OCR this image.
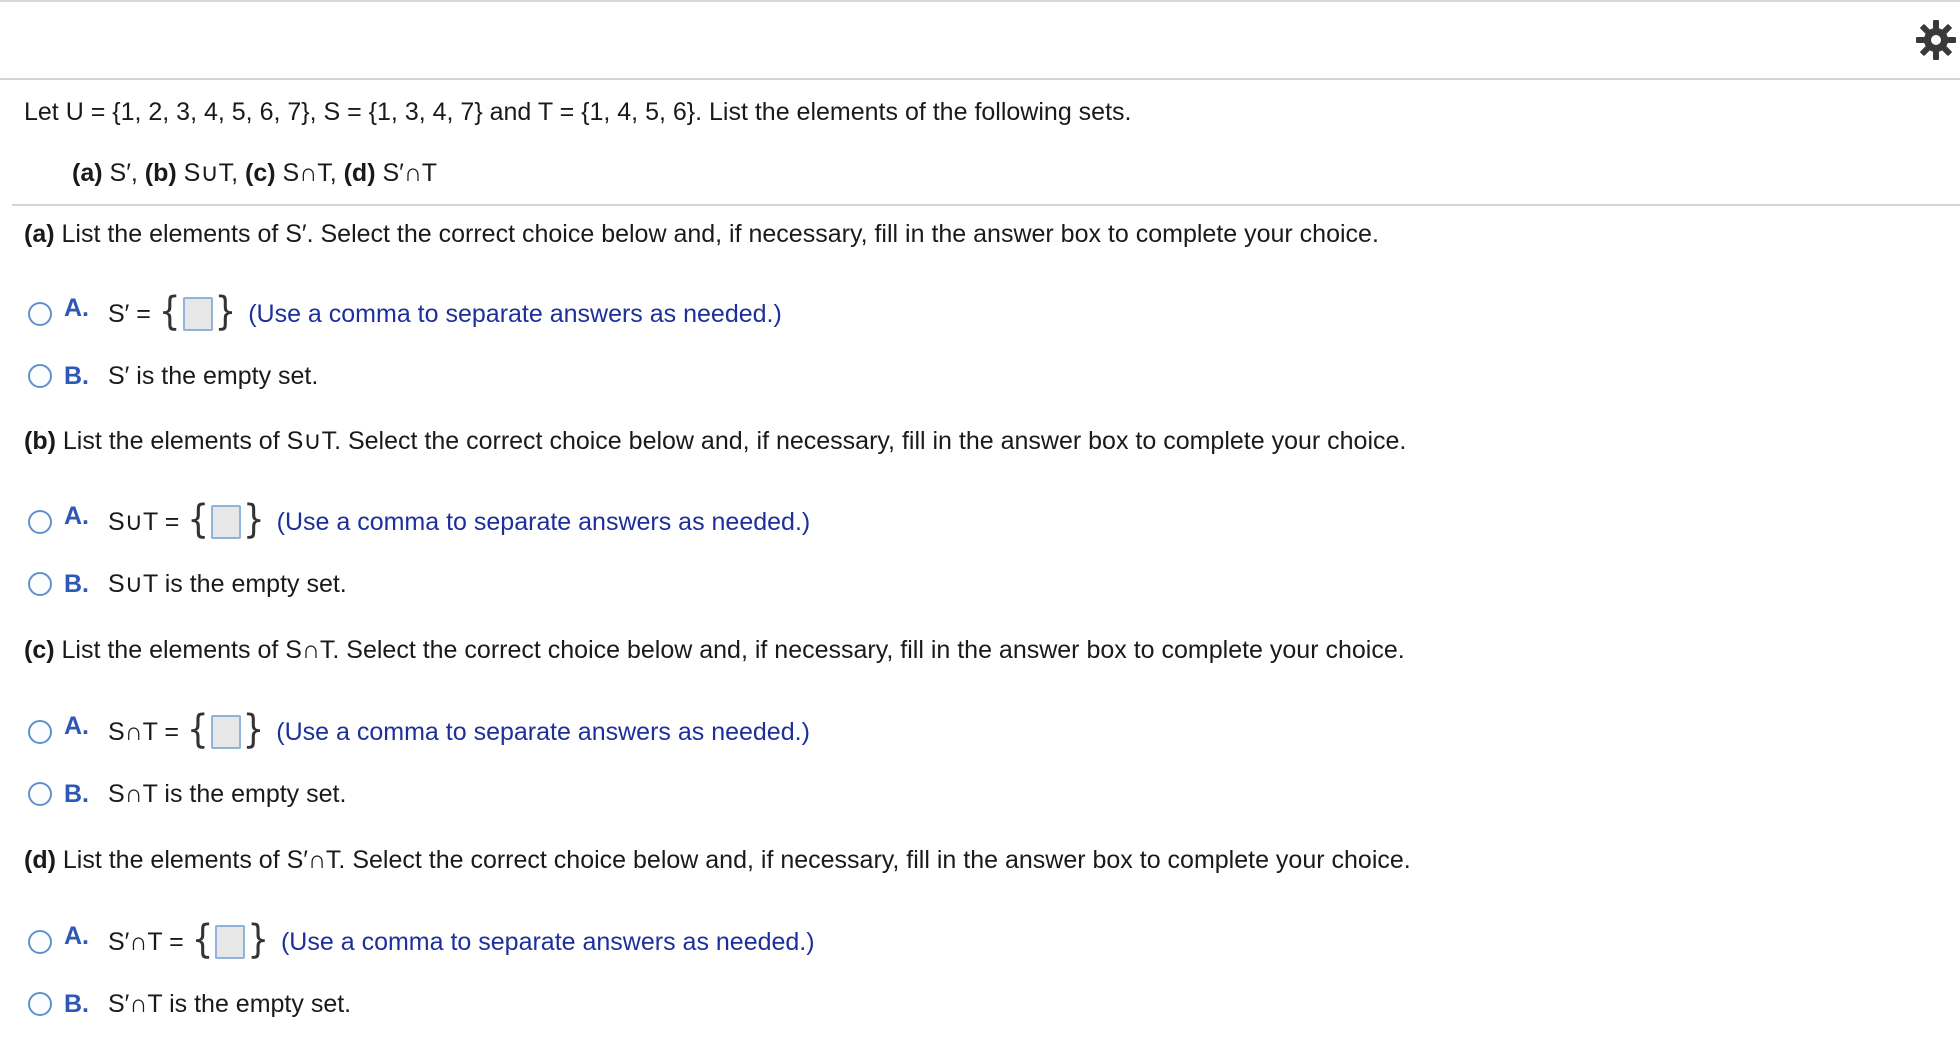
Let U = {1, 2, 3, 4, 5, 6, 7}, S = {1, 3, 4, 7} and T = {1, 4, 5, 6}. List the elements of the following sets.
(a) S′, (b) S∪T, (c) S∩T, (d) S′∩T
(a) List the elements of S′. Select the correct choice below and, if necessary, fill in the answer box to complete your choice.
A. S′ = { } (Use a comma to separate answers as needed.)
B. S′ is the empty set.
(b) List the elements of S∪T. Select the correct choice below and, if necessary, fill in the answer box to complete your choice.
A. S∪T = { } (Use a comma to separate answers as needed.)
B. S∪T is the empty set.
(c) List the elements of S∩T. Select the correct choice below and, if necessary, fill in the answer box to complete your choice.
A. S∩T = { } (Use a comma to separate answers as needed.)
B. S∩T is the empty set.
(d) List the elements of S′∩T. Select the correct choice below and, if necessary, fill in the answer box to complete your choice.
A. S′∩T = { } (Use a comma to separate answers as needed.)
B. S′∩T is the empty set.
